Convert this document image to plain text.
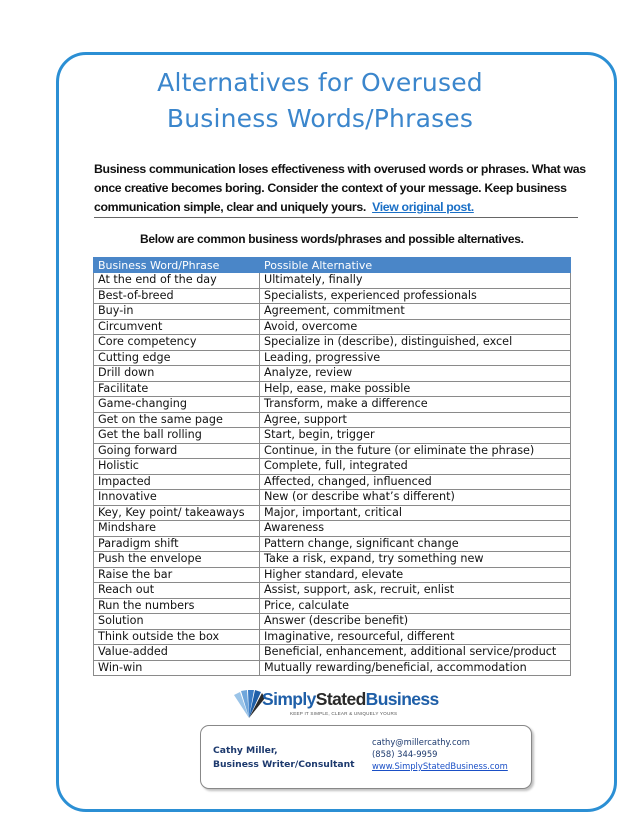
Alternatives for Overused
Business Words/Phrases
Business communication loses effectiveness with overused words or phrases. What was once creative becomes boring. Consider the context of your message. Keep business communication simple, clear and uniquely yours. View original post.
Below are common business words/phrases and possible alternatives.
Business Word/Phrase	Possible Alternative
At the end of the day	Ultimately, finally
Best-of-breed	Specialists, experienced professionals
Buy-in	Agreement, commitment
Circumvent	Avoid, overcome
Core competency	Specialize in (describe), distinguished, excel
Cutting edge	Leading, progressive
Drill down	Analyze, review
Facilitate	Help, ease, make possible
Game-changing	Transform, make a difference
Get on the same page	Agree, support
Get the ball rolling	Start, begin, trigger
Going forward	Continue, in the future (or eliminate the phrase)
Holistic	Complete, full, integrated
Impacted	Affected, changed, influenced
Innovative	New (or describe what’s different)
Key, Key point/ takeaways	Major, important, critical
Mindshare	Awareness
Paradigm shift	Pattern change, significant change
Push the envelope	Take a risk, expand, try something new
Raise the bar	Higher standard, elevate
Reach out	Assist, support, ask, recruit, enlist
Run the numbers	Price, calculate
Solution	Answer (describe benefit)
Think outside the box	Imaginative, resourceful, different
Value-added	Beneficial, enhancement, additional service/product
Win-win	Mutually rewarding/beneficial, accommodation
SimplyStatedBusiness
KEEP IT SIMPLE, CLEAR & UNIQUELY YOURS
Cathy Miller,
Business Writer/Consultant
cathy@millercathy.com
(858) 344-9959
www.SimplyStatedBusiness.com
